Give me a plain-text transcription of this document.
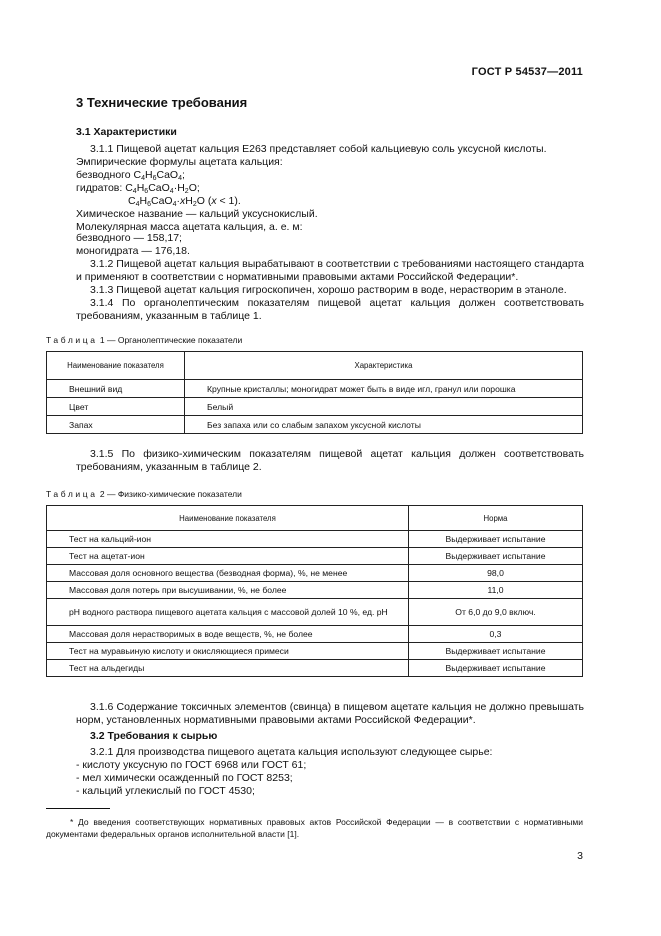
ГОСТ Р 54537—2011
3 Технические требования
3.1 Характеристики
3.1.1 Пищевой ацетат кальция Е263 представляет собой кальциевую соль уксусной кислоты.
Эмпирические формулы ацетата кальция:
безводного $C_4H_6CaO_4$;
гидратов: $C_4H_6CaO_4\cdot H_2O$;
$C_4H_6CaO_4\cdot xH_2O$ (x < 1).
Химическое название — кальций уксуснокислый.
Молекулярная масса ацетата кальция, а. е. м:
безводного — 158,17;
моногидрата — 176,18.
3.1.2 Пищевой ацетат кальция вырабатывают в соответствии с требованиями настоящего стандарта и применяют в соответствии с нормативными правовыми актами Российской Федерации*.
3.1.3 Пищевой ацетат кальция гигроскопичен, хорошо растворим в воде, нерастворим в этаноле.
3.1.4 По органолептическим показателям пищевой ацетат кальция должен соответствовать требованиям, указанным в таблице 1.
Таблица 1 — Органолептические показатели
Наименование показателя	Характеристика
Внешний вид	Крупные кристаллы; моногидрат может быть в виде игл, гранул или порошка
Цвет	Белый
Запах	Без запаха или со слабым запахом уксусной кислоты
3.1.5 По физико-химическим показателям пищевой ацетат кальция должен соответствовать требованиям, указанным в таблице 2.
Таблица 2 — Физико-химические показатели
Наименование показателя	Норма
Тест на кальций-ион	Выдерживает испытание
Тест на ацетат-ион	Выдерживает испытание
Массовая доля основного вещества (безводная форма), %, не менее	98,0
Массовая доля потерь при высушивании, %, не более	11,0
pH водного раствора пищевого ацетата кальция с массовой долей 10 %, ед. pH	От 6,0 до 9,0 включ.
Массовая доля нерастворимых в воде веществ, %, не более	0,3
Тест на муравьиную кислоту и окисляющиеся примеси	Выдерживает испытание
Тест на альдегиды	Выдерживает испытание
3.1.6 Содержание токсичных элементов (свинца) в пищевом ацетате кальция не должно превышать норм, установленных нормативными правовыми актами Российской Федерации*.
3.2 Требования к сырью
3.2.1 Для производства пищевого ацетата кальция используют следующее сырье:
- кислоту уксусную по ГОСТ 6968 или ГОСТ 61;
- мел химически осажденный по ГОСТ 8253;
- кальций углекислый по ГОСТ 4530;
* До введения соответствующих нормативных правовых актов Российской Федерации — в соответствии с нормативными документами федеральных органов исполнительной власти [1].
3
